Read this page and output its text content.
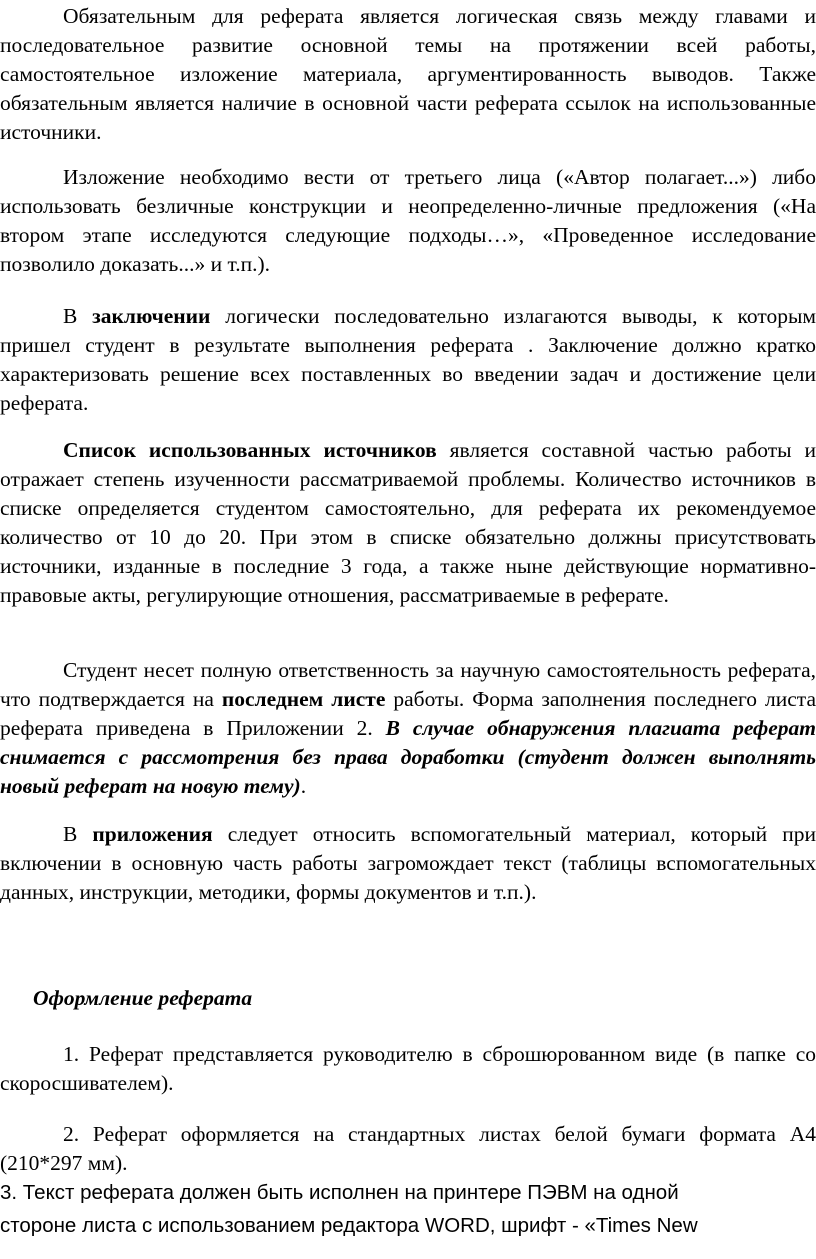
Обязательным для реферата является логическая связь между главами и последовательное развитие основной темы на протяжении всей работы, самостоятельное изложение материала, аргументированность выводов. Также обязательным является наличие в основной части реферата ссылок на использованные источники.

Изложение необходимо вести от третьего лица («Автор полагает...») либо использовать безличные конструкции и неопределенно-личные предложения («На втором этапе исследуются следующие подходы…», «Проведенное исследование позволило доказать...» и т.п.).

В заключении логически последовательно излагаются выводы, к которым пришел студент в результате выполнения реферата . Заключение должно кратко характеризовать решение всех поставленных во введении задач и достижение цели реферата.

Список использованных источников является составной частью работы и отражает степень изученности рассматриваемой проблемы. Количество источников в списке определяется студентом самостоятельно, для реферата их рекомендуемое количество от 10 до 20. При этом в списке обязательно должны присутствовать источники, изданные в последние 3 года, а также ныне действующие нормативно-правовые акты, регулирующие отношения, рассматриваемые в реферате.

Студент несет полную ответственность за научную самостоятельность реферата, что подтверждается на последнем листе работы. Форма заполнения последнего листа реферата приведена в Приложении 2. В случае обнаружения плагиата реферат снимается с рассмотрения без права доработки (студент должен выполнять новый реферат на новую тему).

В приложения следует относить вспомогательный материал, который при включении в основную часть работы загромождает текст (таблицы вспомогательных данных, инструкции, методики, формы документов и т.п.).

Оформление реферата

1. Реферат представляется руководителю в сброшюрованном виде (в папке со скоросшивателем).

2. Реферат оформляется на стандартных листах белой бумаги формата А4 (210*297 мм).

3. Текст реферата должен быть исполнен на принтере ПЭВМ на одной
стороне листа с использованием редактора WORD, шрифт - «Times New
